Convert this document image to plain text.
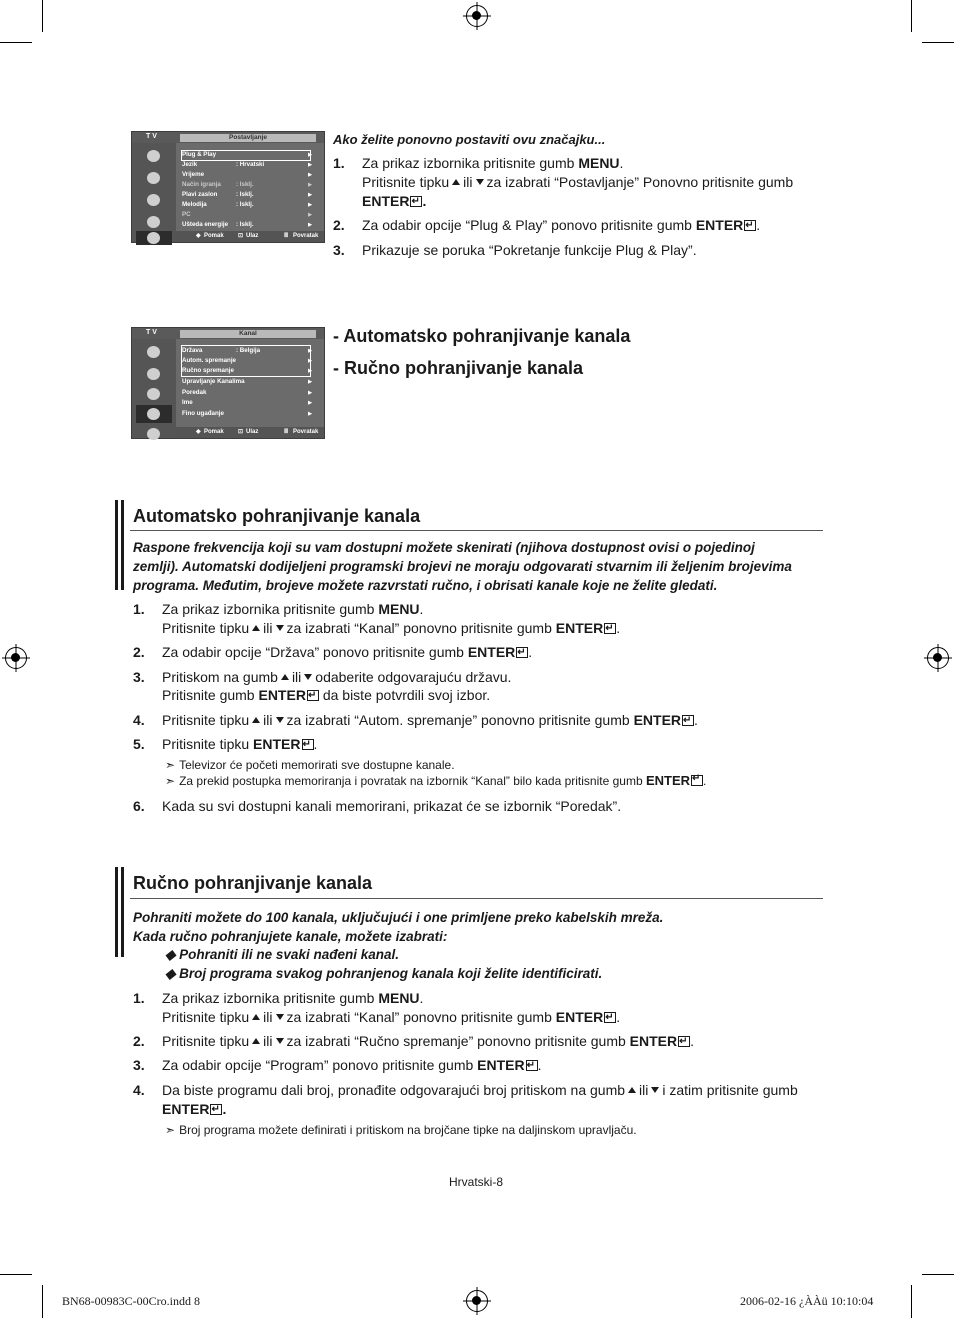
T V	Postavljanje
Plug & Play	▶
Jezik	: Hrvatski	▶
Vrijeme	▶
Način igranja : Isklj.	▶
Plavi zaslon	: Isklj.	▶
Melodija	: Isklj.	▶
PC	▶
Ušteda energije : Isklj.	▶
◆ Pomak ⊡ Ulaz	Ⅲ Povratak
Ako želite ponovno postaviti ovu značajku...
1. Za prikaz izbornika pritisnite gumb MENU.
Pritisnite tipku ili za izabrati “Postavljanje” Ponovno pritisnite gumb
ENTER ↵ .
2. Za odabir opcije “Plug & Play” ponovo pritisnite gumb ENTER ↵ .
3. Prikazuje se poruka “Pokretanje funkcije Plug & Play”.
T V	Kanal
Država	: Belgija	▶
Autom. spremanje	▶
Ručno spremanje	▶
Upravljanje Kanalima	▶
Poredak	▶
Ime	▶
Fino ugađanje	▶
◆ Pomak ⊡ Ulaz	Ⅲ Povratak
- Automatsko pohranjivanje kanala
- Ručno pohranjivanje kanala
Automatsko pohranjivanje kanala
Raspone frekvencija koji su vam dostupni možete skenirati (njihova dostupnost ovisi o pojedinoj
zemlji). Automatski dodijeljeni programski brojevi ne moraju odgovarati stvarnim ili željenim brojevima
programa. Međutim, brojeve možete razvrstati ručno, i obrisati kanale koje ne želite gledati.
1. Za prikaz izbornika pritisnite gumb MENU.
Pritisnite tipku ili za izabrati “Kanal” ponovno pritisnite gumb ENTER ↵ .
2. Za odabir opcije “Država” ponovo pritisnite gumb ENTER ↵ .
3. Pritiskom na gumb ili odaberite odgovarajuću državu.
Pritisnite gumb ENTER↵ da biste potvrdili svoj izbor.
4. Pritisnite tipku ili za izabrati “Autom. spremanje” ponovno pritisnite gumb ENTER ↵ .
5. Pritisnite tipku ENTER ↵ .
➣ Televizor će početi memorirati sve dostupne kanale.
➣ Za prekid postupka memoriranja i povratak na izbornik “Kanal” bilo kada pritisnite gumb ENTER ↵ .
6. Kada su svi dostupni kanali memorirani, prikazat će se izbornik “Poredak”.
Ručno pohranjivanje kanala
Pohraniti možete do 100 kanala, uključujući i one primljene preko kabelskih mreža.
Kada ručno pohranjujete kanale, možete izabrati:
◆ Pohraniti ili ne svaki nađeni kanal.
◆ Broj programa svakog pohranjenog kanala koji želite identificirati.
1. Za prikaz izbornika pritisnite gumb MENU.
Pritisnite tipku ili za izabrati “Kanal” ponovno pritisnite gumb ENTER ↵ .
2. Pritisnite tipku ili za izabrati “Ručno spremanje” ponovno pritisnite gumb ENTER ↵ .
3. Za odabir opcije “Program” ponovo pritisnite gumb ENTER ↵ .
4. Da biste programu dali broj, pronađite odgovarajući broj pritiskom na gumb ili i zatim pritisnite gumb
ENTER ↵ .
➣ Broj programa možete definirati i pritiskom na brojčane tipke na daljinskom upravljaču.
Hrvatski-8
BN68-00983C-00Cro.indd 8	2006-02-16 ¿ÀÀü 10:10:04
